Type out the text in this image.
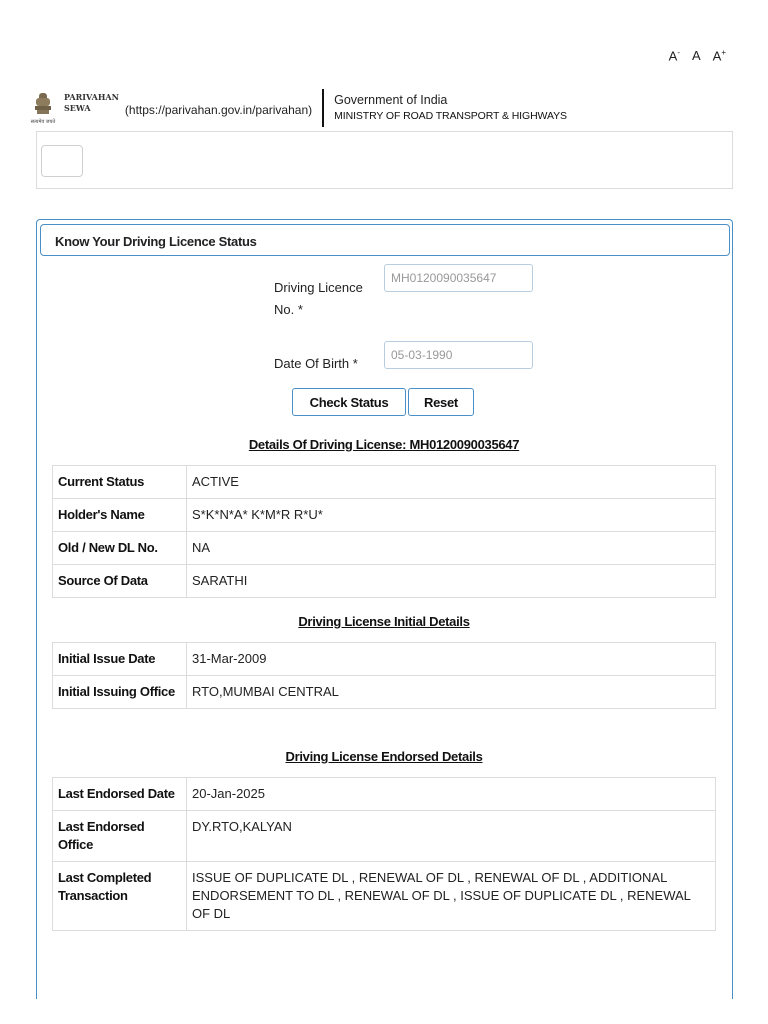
A- A A+
सत्यमेव जयते
PARIVAHAN
SEWA	(https://parivahan.gov.in/parivahan)
Government of India
MINISTRY OF ROAD TRANSPORT & HIGHWAYS
Know Your Driving Licence Status
Driving Licence No. *
MH0120090035647
Date Of Birth *
05-03-1990
Check Status	Reset
Details Of Driving License: MH0120090035647
Current Status	ACTIVE
Holder's Name	S*K*N*A* K*M*R R*U*
Old / New DL No.	NA
Source Of Data	SARATHI
Driving License Initial Details
Initial Issue Date	31-Mar-2009
Initial Issuing Office	RTO,MUMBAI CENTRAL
Driving License Endorsed Details
Last Endorsed Date	20-Jan-2025
Last Endorsed Office	DY.RTO,KALYAN
Last Completed Transaction	ISSUE OF DUPLICATE DL , RENEWAL OF DL , RENEWAL OF DL , ADDITIONAL ENDORSEMENT TO DL , RENEWAL OF DL , ISSUE OF DUPLICATE DL , RENEWAL OF DL
